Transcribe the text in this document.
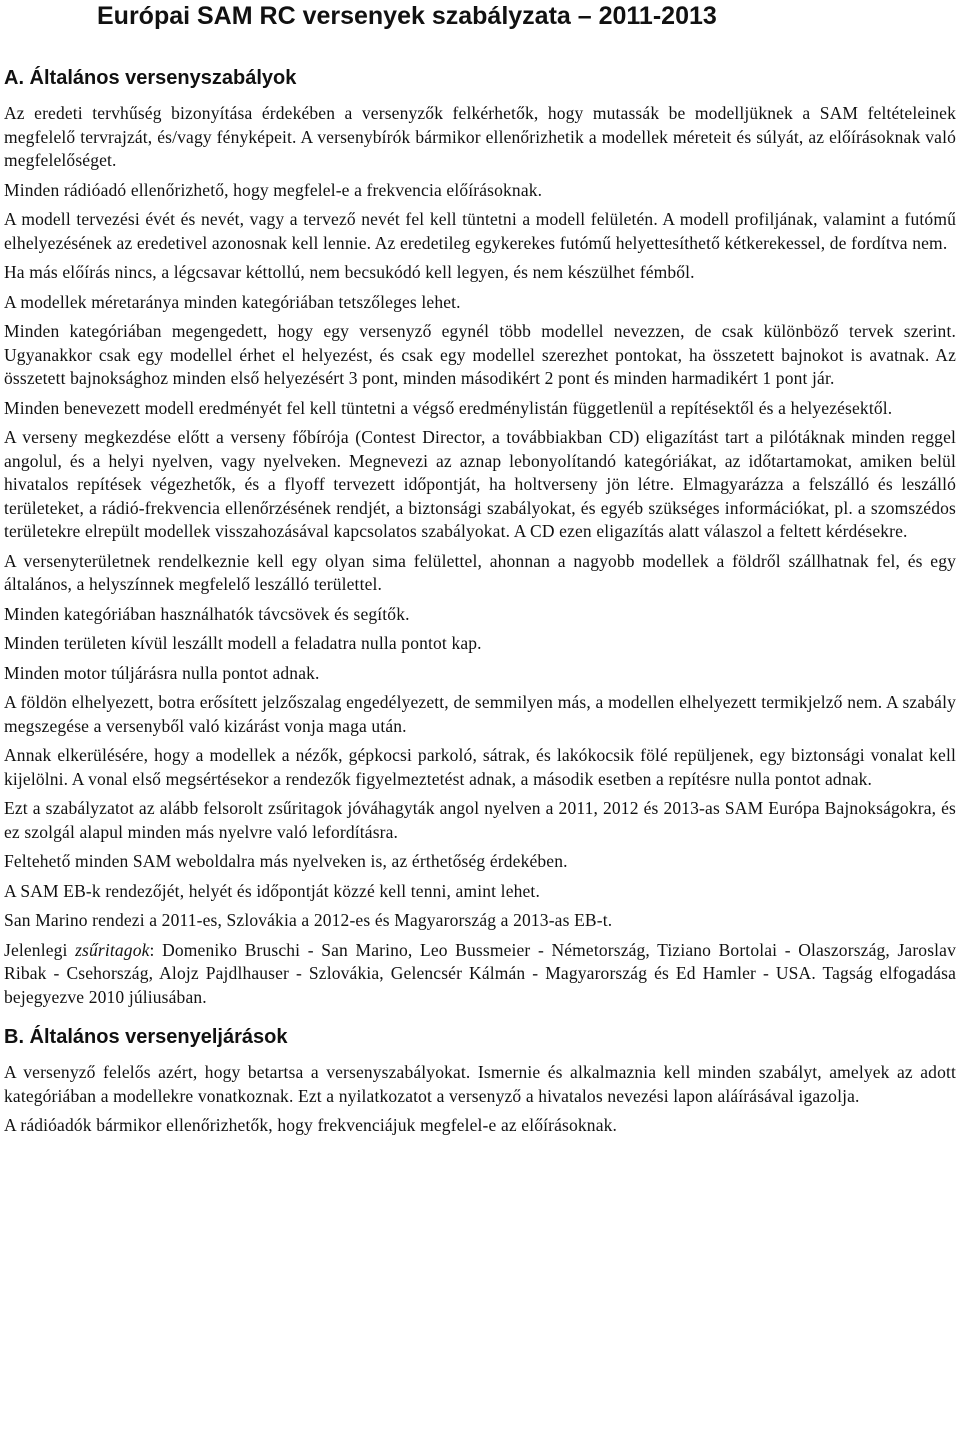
Európai SAM RC versenyek szabályzata – 2011-2013
A. Általános versenyszabályok

Az eredeti tervhűség bizonyítása érdekében a versenyzők felkérhetők, hogy mutassák be modelljüknek a SAM feltételeinek megfelelő tervrajzát, és/vagy fényképeit. A versenybírók bármikor ellenőrizhetik a modellek méreteit és súlyát, az előírásoknak való megfelelőséget.

Minden rádióadó ellenőrizhető, hogy megfelel-e a frekvencia előírásoknak.

A modell tervezési évét és nevét, vagy a tervező nevét fel kell tüntetni a modell felületén. A modell profiljának, valamint a futómű elhelyezésének az eredetivel azonosnak kell lennie. Az eredetileg egykerekes futómű helyettesíthető kétkerekessel, de fordítva nem.

Ha más előírás nincs, a légcsavar kéttollú, nem becsukódó kell legyen, és nem készülhet fémből.

A modellek méretaránya minden kategóriában tetszőleges lehet.

Minden kategóriában megengedett, hogy egy versenyző egynél több modellel nevezzen, de csak különböző tervek szerint. Ugyanakkor csak egy modellel érhet el helyezést, és csak egy modellel szerezhet pontokat, ha összetett bajnokot is avatnak. Az összetett bajnoksághoz minden első helyezésért 3 pont, minden másodikért 2 pont és minden harmadikért 1 pont jár.

Minden benevezett modell eredményét fel kell tüntetni a végső eredménylistán függetlenül a repítésektől és a helyezésektől.

A verseny megkezdése előtt a verseny főbírója (Contest Director, a továbbiakban CD) eligazítást tart a pilótáknak minden reggel angolul, és a helyi nyelven, vagy nyelveken. Megnevezi az aznap lebonyolítandó kategóriákat, az időtartamokat, amiken belül hivatalos repítések végezhetők, és a flyoff tervezett időpontját, ha holtverseny jön létre. Elmagyarázza a felszálló és leszálló területeket, a rádió-frekvencia ellenőrzésének rendjét, a biztonsági szabályokat, és egyéb szükséges információkat, pl. a szomszédos területekre elrepült modellek visszahozásával kapcsolatos szabályokat. A CD ezen eligazítás alatt válaszol a feltett kérdésekre.

A versenyterületnek rendelkeznie kell egy olyan sima felülettel, ahonnan a nagyobb modellek a földről szállhatnak fel, és egy általános, a helyszínnek megfelelő leszálló területtel.

Minden kategóriában használhatók távcsövek és segítők.

Minden területen kívül leszállt modell a feladatra nulla pontot kap.

Minden motor túljárásra nulla pontot adnak.

A földön elhelyezett, botra erősített jelzőszalag engedélyezett, de semmilyen más, a modellen elhelyezett termikjelző nem. A szabály megszegése a versenyből való kizárást vonja maga után.

Annak elkerülésére, hogy a modellek a nézők, gépkocsi parkoló, sátrak, és lakókocsik fölé repüljenek, egy biztonsági vonalat kell kijelölni. A vonal első megsértésekor a rendezők figyelmeztetést adnak, a második esetben a repítésre nulla pontot adnak.

Ezt a szabályzatot az alább felsorolt zsűritagok jóváhagyták angol nyelven a 2011, 2012 és 2013-as SAM Európa Bajnokságokra, és ez szolgál alapul minden más nyelvre való lefordításra.

Feltehető minden SAM weboldalra más nyelveken is, az érthetőség érdekében.

A SAM EB-k rendezőjét, helyét és időpontját közzé kell tenni, amint lehet.

San Marino rendezi a 2011-es, Szlovákia a 2012-es és Magyarország a 2013-as EB-t.

Jelenlegi zsűritagok: Domeniko Bruschi - San Marino, Leo Bussmeier - Németország, Tiziano Bortolai - Olaszország, Jaroslav Ribak - Csehország, Alojz Pajdlhauser - Szlovákia, Gelencsér Kálmán - Magyarország és Ed Hamler - USA. Tagság elfogadása bejegyezve 2010 júliusában.

B. Általános versenyeljárások

A versenyző felelős azért, hogy betartsa a versenyszabályokat. Ismernie és alkalmaznia kell minden szabályt, amelyek az adott kategóriában a modellekre vonatkoznak. Ezt a nyilatkozatot a versenyző a hivatalos nevezési lapon aláírásával igazolja.

A rádióadók bármikor ellenőrizhetők, hogy frekvenciájuk megfelel-e az előírásoknak.
